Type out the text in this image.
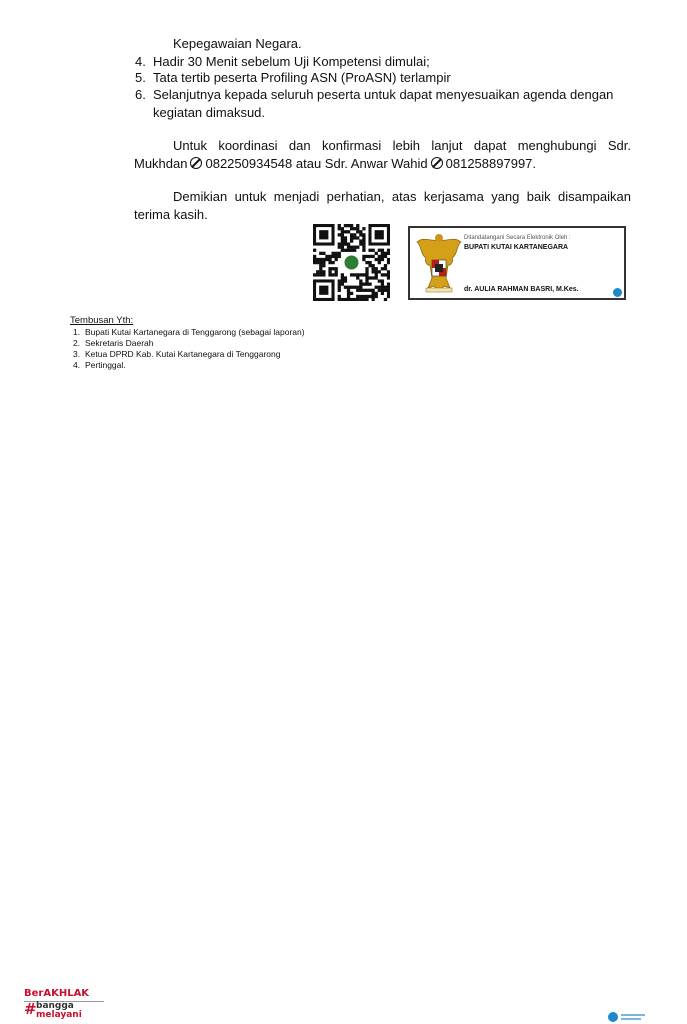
Kepegawaian Negara.
4. Hadir 30 Menit sebelum Uji Kompetensi dimulai;
5. Tata tertib peserta Profiling ASN (ProASN) terlampir
6. Selanjutnya kepada seluruh peserta untuk dapat menyesuaikan agenda dengan
kegiatan dimaksud.
Untuk koordinasi dan konfirmasi lebih lanjut dapat menghubungi Sdr.
Mukhdan 082250934548 atau Sdr. Anwar Wahid 081258897997.
Demikian untuk menjadi perhatian, atas kerjasama yang baik disampaikan
terima kasih.
Ditandatangani Secara Elektronik Oleh :
BUPATI KUTAI KARTANEGARA
dr. AULIA RAHMAN BASRI, M.Kes.
Tembusan Yth:
1. Bupati Kutai Kartanegara di Tenggarong (sebagai laporan)
2. Sekretaris Daerah
3. Ketua DPRD Kab. Kutai Kartanegara di Tenggarong
4. Pertinggal.
BerAKHLAK
# bangga
melayani
